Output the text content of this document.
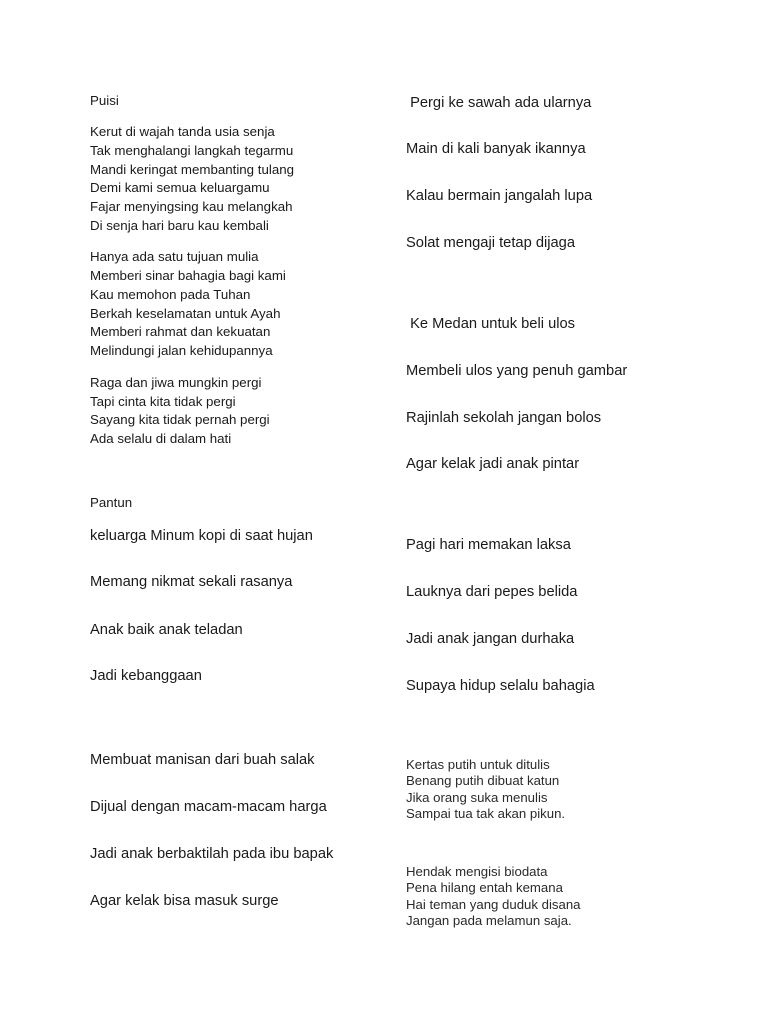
Puisi

Kerut di wajah tanda usia senja

Tak menghalangi langkah tegarmu

Mandi keringat membanting tulang

Demi kami semua keluargamu

Fajar menyingsing kau melangkah

Di senja hari baru kau kembali

Hanya ada satu tujuan mulia

Memberi sinar bahagia bagi kami

Kau memohon pada Tuhan

Berkah keselamatan untuk Ayah

Memberi rahmat dan kekuatan

Melindungi jalan kehidupannya

Raga dan jiwa mungkin pergi

Tapi cinta kita tidak pergi

Sayang kita tidak pernah pergi

Ada selalu di dalam hati

Pantun

keluarga Minum kopi di saat hujan

Memang nikmat sekali rasanya

Anak baik anak teladan

Jadi kebanggaan

Membuat manisan dari buah salak

Dijual dengan macam-macam harga

Jadi anak berbaktilah pada ibu bapak

Agar kelak bisa masuk surge

Pergi ke sawah ada ularnya

Main di kali banyak ikannya

Kalau bermain jangalah lupa

Solat mengaji tetap dijaga

Ke Medan untuk beli ulos

Membeli ulos yang penuh gambar

Rajinlah sekolah jangan bolos

Agar kelak jadi anak pintar

Pagi hari memakan laksa

Lauknya dari pepes belida

Jadi anak jangan durhaka

Supaya hidup selalu bahagia

Kertas putih untuk ditulis

Benang putih dibuat katun

Jika orang suka menulis

Sampai tua tak akan pikun.

Hendak mengisi biodata

Pena hilang entah kemana

Hai teman yang duduk disana

Jangan pada melamun saja.
